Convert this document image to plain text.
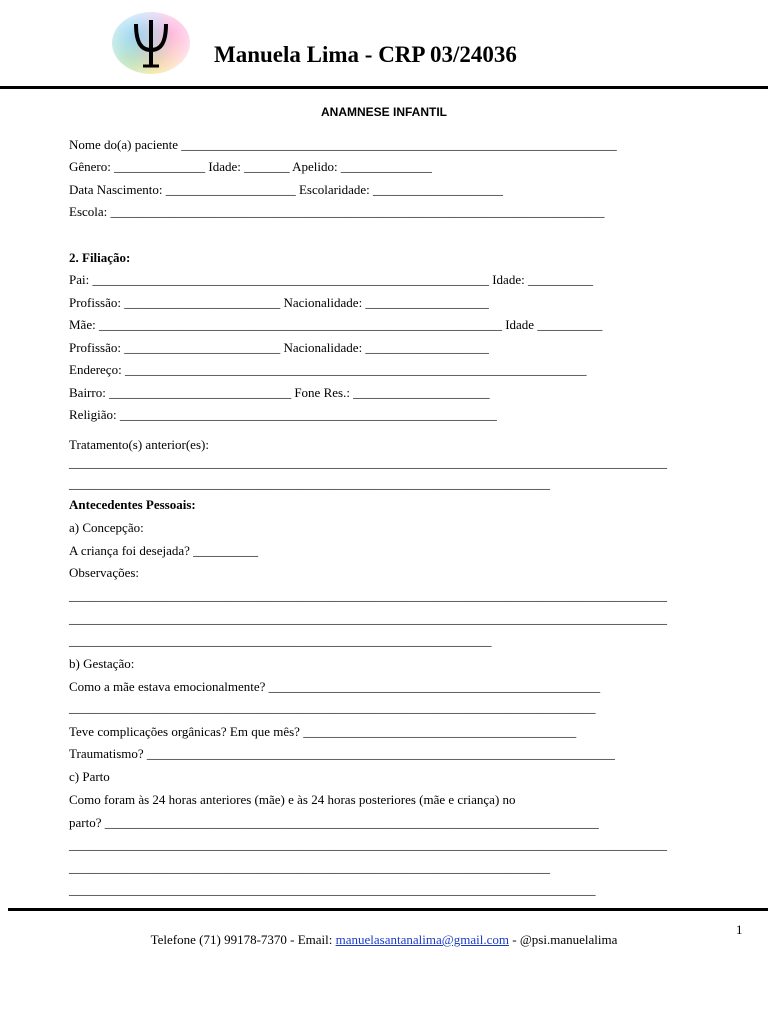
Manuela Lima - CRP 03/24036
ANAMNESE INFANTIL
Nome do(a) paciente ___________________________________________________________________
Gênero: ______________ Idade: _______ Apelido: ______________
Data Nascimento: ____________________ Escolaridade: ____________________
Escola: ____________________________________________________________________________
2. Filiação:
Pai: _____________________________________________________________ Idade: __________
Profissão: ________________________ Nacionalidade: ___________________
Mãe: ______________________________________________________________ Idade __________
Profissão: ________________________ Nacionalidade: ___________________
Endereço: _______________________________________________________________________
Bairro: ____________________________ Fone Res.: _____________________
Religião: __________________________________________________________
Tratamento(s) anterior(es):
____________________________________________________________________________________________
__________________________________________________________________________
Antecedentes Pessoais:
a) Concepção:
A criança foi desejada? __________
Observações:
____________________________________________________________________________________________
____________________________________________________________________________________________
_________________________________________________________________
b) Gestação:
Como a mãe estava emocionalmente? ___________________________________________________
_________________________________________________________________________________
Teve complicações orgânicas? Em que mês? __________________________________________
Traumatismo? ________________________________________________________________________
c) Parto
Como foram às 24 horas anteriores (mãe) e às 24 horas posteriores (mãe e criança) no
parto? ____________________________________________________________________________
____________________________________________________________________________________________
__________________________________________________________________________
_________________________________________________________________________________
1
Telefone (71) 99178-7370 - Email: manuelasantanalima@gmail.com - @psi.manuelalima
